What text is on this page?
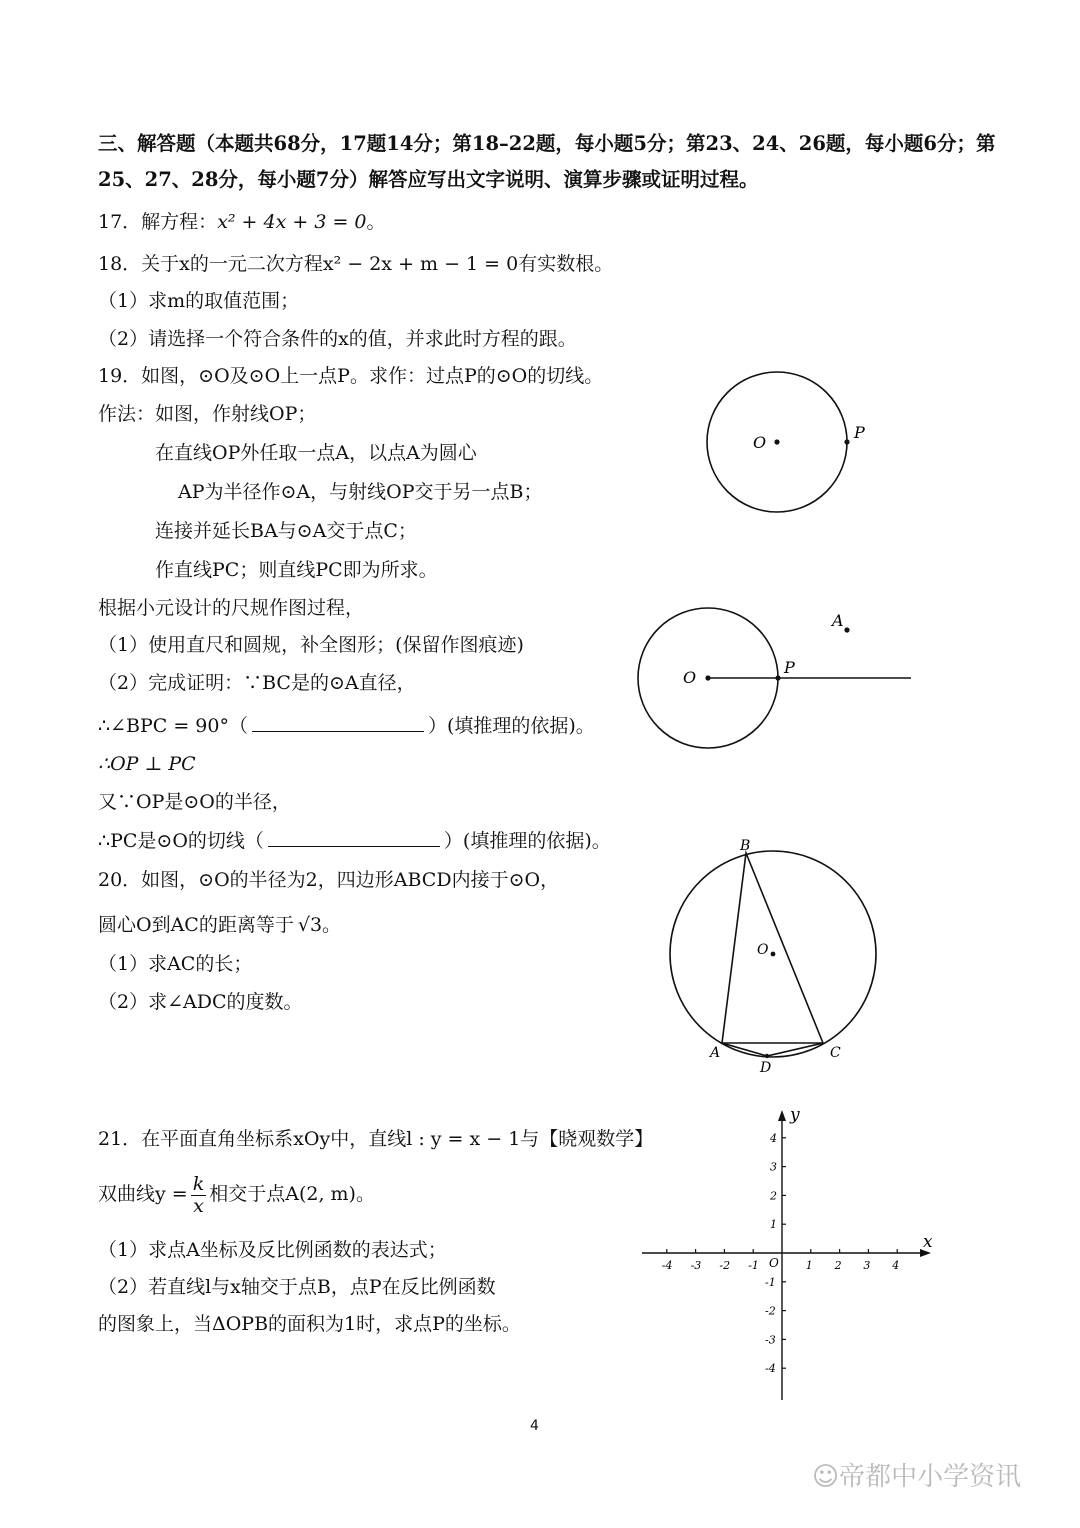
三、解答题（本题共68分，17题14分；第18–22题，每小题5分；第23、24、26题，每小题6分；第
25、27、28分，每小题7分）解答应写出文字说明、演算步骤或证明过程。
17．解方程：x² + 4x + 3 = 0。
18．关于x的一元二次方程x² − 2x + m − 1 = 0有实数根。
（1）求m的取值范围；
（2）请选择一个符合条件的x的值，并求此时方程的跟。
19．如图，⊙O及⊙O上一点P。求作：过点P的⊙O的切线。
作法：如图，作射线OP；
在直线OP外任取一点A，以点A为圆心
AP为半径作⊙A，与射线OP交于另一点B；
连接并延长BA与⊙A交于点C；
作直线PC；则直线PC即为所求。
根据小元设计的尺规作图过程，
（1）使用直尺和圆规，补全图形；(保留作图痕迹)
（2）完成证明：∵BC是的⊙A直径，
∴∠BPC = 90°（	）(填推理的依据)。
∴OP ⊥ PC
又∵OP是⊙O的半径，
∴PC是⊙O的切线（	）(填推理的依据)。
20．如图，⊙O的半径为2，四边形ABCD内接于⊙O，
圆心O到AC的距离等于 √3。
（1）求AC的长；
（2）求∠ADC的度数。
21．在平面直角坐标系xOy中，直线l : y = x − 1与【晓观数学】
双曲线$y = \frac{k}{x}$ 相交于点A(2, m)。
（1）求点A坐标及反比例函数的表达式；
（2）若直线l与x轴交于点B，点P在反比例函数
的图象上，当ΔOPB的面积为1时，求点P的坐标。
O
P
O
P
A
B
A	C
D
O
x
y
O
-4 -3 -2 -1	1 2 3 4
4
3
2
1
-1
-2
-3
-4
4
☺帝都中小学资讯
